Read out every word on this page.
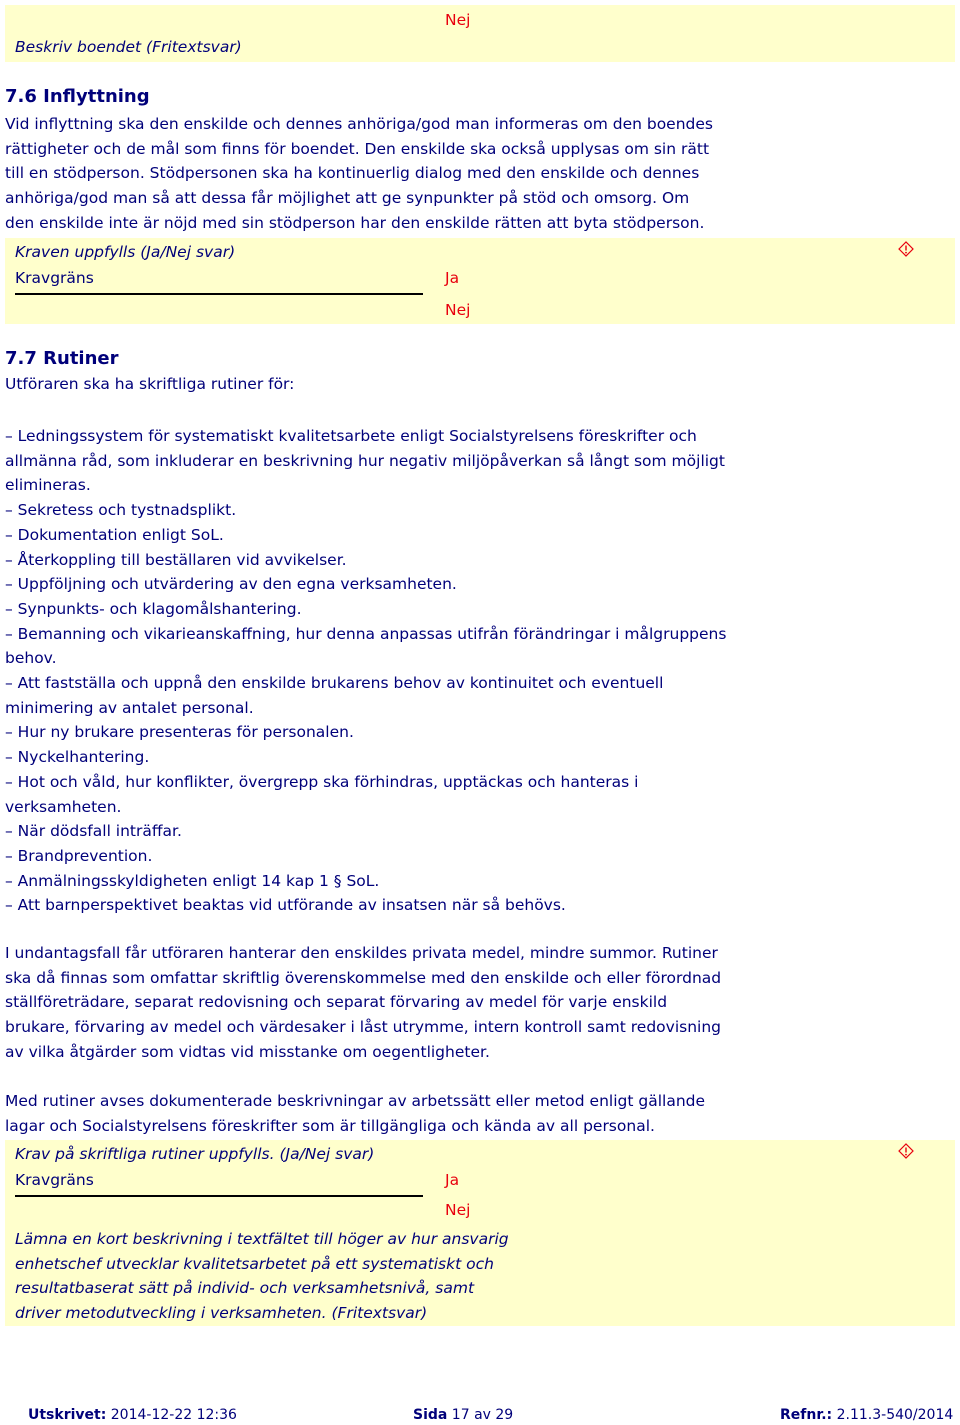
Nej
Beskriv boendet (Fritextsvar)
7.6 Inflyttning
Vid inflyttning ska den enskilde och dennes anhöriga/god man informeras om den boendes
rättigheter och de mål som finns för boendet. Den enskilde ska också upplysas om sin rätt
till en stödperson. Stödpersonen ska ha kontinuerlig dialog med den enskilde och dennes
anhöriga/god man så att dessa får möjlighet att ge synpunkter på stöd och omsorg. Om
den enskilde inte är nöjd med sin stödperson har den enskilde rätten att byta stödperson.
Kraven uppfylls (Ja/Nej svar)
Kravgräns	Ja
Nej
7.7 Rutiner
Utföraren ska ha skriftliga rutiner för:
– Ledningssystem för systematiskt kvalitetsarbete enligt Socialstyrelsens föreskrifter och
allmänna råd, som inkluderar en beskrivning hur negativ miljöpåverkan så långt som möjligt
elimineras.
– Sekretess och tystnadsplikt.
– Dokumentation enligt SoL.
– Återkoppling till beställaren vid avvikelser.
– Uppföljning och utvärdering av den egna verksamheten.
– Synpunkts- och klagomålshantering.
– Bemanning och vikarieanskaffning, hur denna anpassas utifrån förändringar i målgruppens
behov.
– Att fastställa och uppnå den enskilde brukarens behov av kontinuitet och eventuell
minimering av antalet personal.
– Hur ny brukare presenteras för personalen.
– Nyckelhantering.
– Hot och våld, hur konflikter, övergrepp ska förhindras, upptäckas och hanteras i
verksamheten.
– När dödsfall inträffar.
– Brandprevention.
– Anmälningsskyldigheten enligt 14 kap 1 § SoL.
– Att barnperspektivet beaktas vid utförande av insatsen när så behövs.
I undantagsfall får utföraren hanterar den enskildes privata medel, mindre summor. Rutiner
ska då finnas som omfattar skriftlig överenskommelse med den enskilde och eller förordnad
ställföreträdare, separat redovisning och separat förvaring av medel för varje enskild
brukare, förvaring av medel och värdesaker i låst utrymme, intern kontroll samt redovisning
av vilka åtgärder som vidtas vid misstanke om oegentligheter.
Med rutiner avses dokumenterade beskrivningar av arbetssätt eller metod enligt gällande
lagar och Socialstyrelsens föreskrifter som är tillgängliga och kända av all personal.
Krav på skriftliga rutiner uppfylls. (Ja/Nej svar)
Kravgräns	Ja
Nej
Lämna en kort beskrivning i textfältet till höger av hur ansvarig
enhetschef utvecklar kvalitetsarbetet på ett systematiskt och
resultatbaserat sätt på individ- och verksamhetsnivå, samt
driver metodutveckling i verksamheten. (Fritextsvar)
Utskrivet: 2014-12-22 12:36	Sida 17 av 29	Refnr.: 2.11.3-540/2014
